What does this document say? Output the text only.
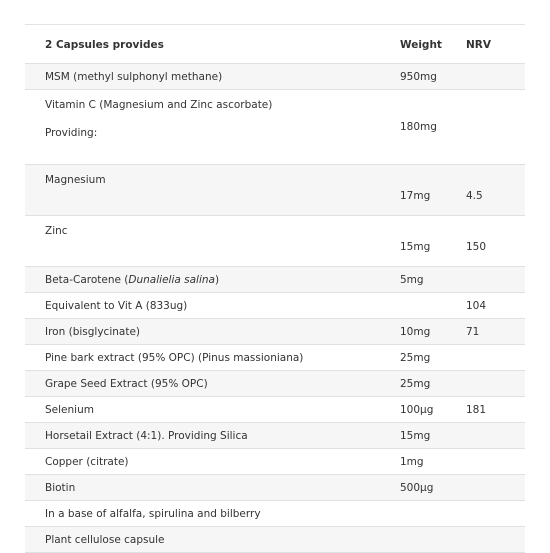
2 Capsules provides	Weight	NRV
MSM (methyl sulphonyl methane)	950mg	

Vitamin C (Magnesium and Zinc ascorbate)
Providing:	180mg	
Magnesium	17mg	4.5
Zinc	15mg	150
Beta-Carotene (Dunalielia salina)	5mg	
Equivalent to Vit A (833ug)		104
Iron (bisglycinate)	10mg	71
Pine bark extract (95% OPC) (Pinus massioniana)	25mg	
Grape Seed Extract (95% OPC)	25mg	
Selenium	100µg	181
Horsetail Extract (4:1). Providing Silica	15mg	
Copper (citrate)	1mg	
Biotin	500µg	
In a base of alfalfa, spirulina and bilberry		
Plant cellulose capsule		
